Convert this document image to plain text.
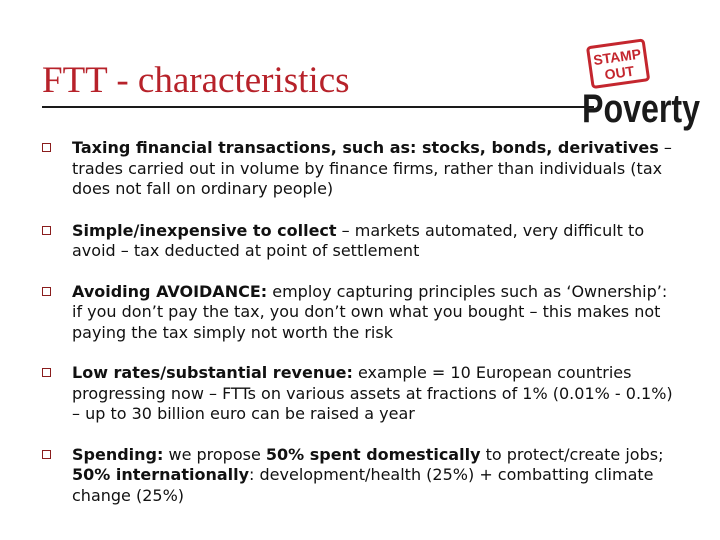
FTT - characteristics
STAMP
OUT
Poverty
Taxing financial transactions, such as: stocks, bonds, derivatives – trades carried out in volume by finance firms, rather than individuals (tax does not fall on ordinary people)
Simple/inexpensive to collect – markets automated, very difficult to avoid – tax deducted at point of settlement
Avoiding AVOIDANCE: employ capturing principles such as ‘Ownership’: if you don’t pay the tax, you don’t own what you bought – this makes not paying the tax simply not worth the risk
Low rates/substantial revenue: example = 10 European countries progressing now – FTTs on various assets at fractions of 1% (0.01% - 0.1%) – up to 30 billion euro can be raised a year
Spending: we propose 50% spent domestically to protect/create jobs; 50% internationally: development/health (25%) + combatting climate change (25%)
